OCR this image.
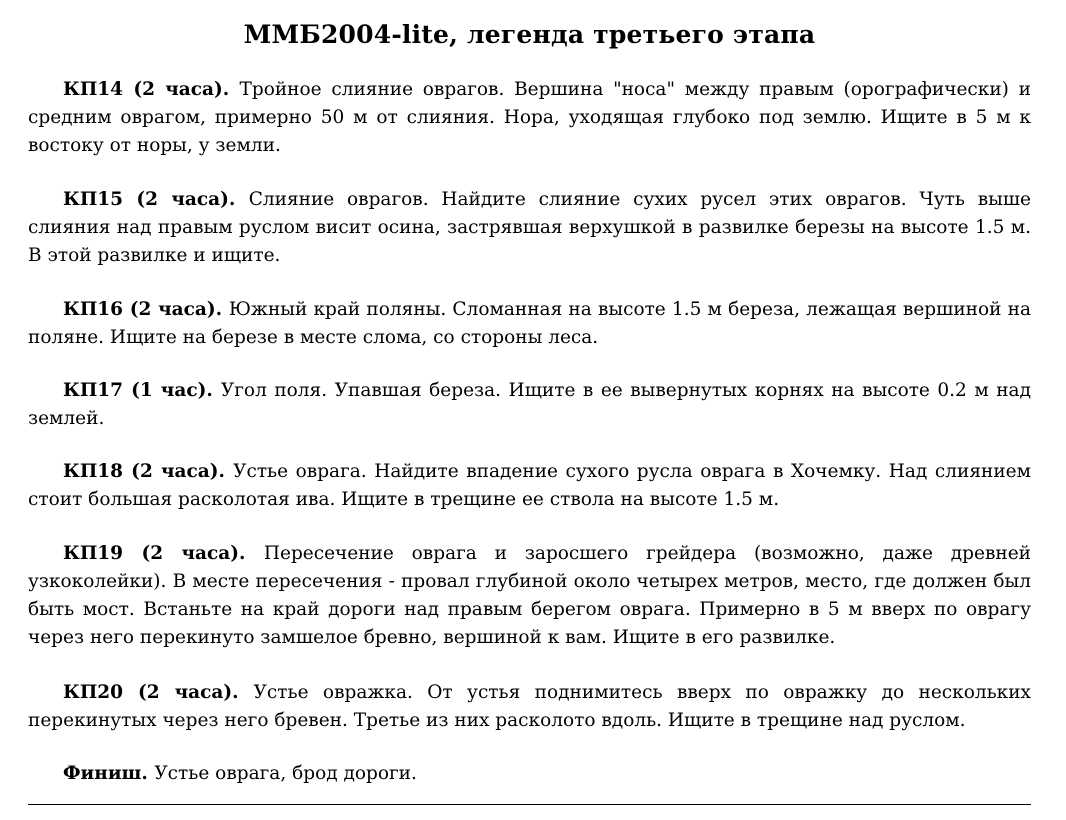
ММБ2004-lite, легенда третьего этапа

КП14 (2 часа). Тройное слияние оврагов. Вершина "носа" между правым (орографически) и средним оврагом, примерно 50 м от слияния. Нора, уходящая глубоко под землю. Ищите в 5 м к востоку от норы, у земли.

КП15 (2 часа). Слияние оврагов. Найдите слияние сухих русел этих оврагов. Чуть выше слияния над правым руслом висит осина, застрявшая верхушкой в развилке березы на высоте 1.5 м. В этой развилке и ищите.

КП16 (2 часа). Южный край поляны. Сломанная на высоте 1.5 м береза, лежащая вершиной на поляне. Ищите на березе в месте слома, со стороны леса.

КП17 (1 час). Угол поля. Упавшая береза. Ищите в ее вывернутых корнях на высоте 0.2 м над землей.

КП18 (2 часа). Устье оврага. Найдите впадение сухого русла оврага в Хочемку. Над слиянием стоит большая расколотая ива. Ищите в трещине ее ствола на высоте 1.5 м.

КП19 (2 часа). Пересечение оврага и заросшего грейдера (возможно, даже древней узкоколейки). В месте пересечения - провал глубиной около четырех метров, место, где должен был быть мост. Встаньте на край дороги над правым берегом оврага. Примерно в 5 м вверх по оврагу через него перекинуто замшелое бревно, вершиной к вам. Ищите в его развилке.

КП20 (2 часа). Устье овражка. От устья поднимитесь вверх по овражку до нескольких перекинутых через него бревен. Третье из них расколото вдоль. Ищите в трещине над руслом.

Финиш. Устье оврага, брод дороги.
